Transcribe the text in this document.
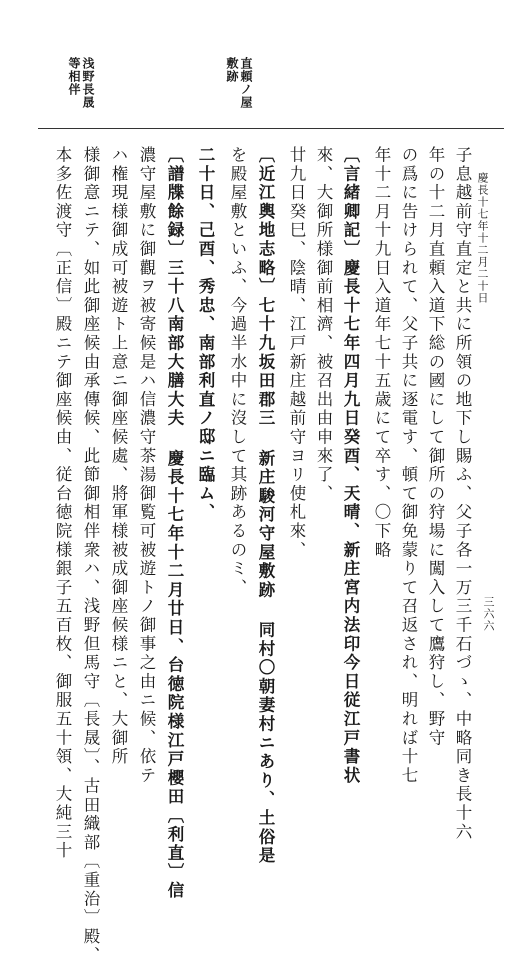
慶長十七年十二月二十日
三六六
直頼ノ屋
敷跡
浅野長晟
等相伴
子息越前守直定と共に所領の地下し賜ふ、父子各一万三千石づゝ、中略同き長十六
年の十二月直頼入道下総の國にして御所の狩場に闖入して鷹狩し、野守
の爲に告けられて、父子共に逐電す、頓て御免蒙りて召返され、明れば十七
年十二月十九日入道年七十五歳にて卒す、〇下略
〔言緒卿記〕慶長十七年四月九日癸酉、天晴、新庄宮内法印今日従江戸書状
來、大御所様御前相濟、被召出由申來了、
廿九日癸巳、陰晴、江戸新庄越前守ヨリ使札來、
〔近江輿地志略〕七十九坂田郡三 新庄駿河守屋敷跡 同村〇朝妻村ニあり、土俗是
を殿屋敷といふ、今過半水中に沒して其跡あるのミ、
二十日、己酉、秀忠、南部利直ノ邸ニ臨ム、
〔譜牒餘録〕三十八南部大膳大夫 慶長十七年十二月廿日、台徳院様江戸櫻田〔利直〕信
濃守屋敷に御觀ヲ被寄候是ハ信濃守茶湯御覧可被遊トノ御事之由ニ候、依テ
ハ権現様御成可被遊ト上意ニ御座候處、將軍様被成御座候様ニと、大御所
様御意ニテ、如此御座候由承傳候、此節御相伴衆ハ、浅野但馬守〔長晟〕、古田織部〔重治〕殿、
本多佐渡守〔正信〕殿ニテ御座候由、従台徳院様銀子五百枚、御服五十領、大純三十
